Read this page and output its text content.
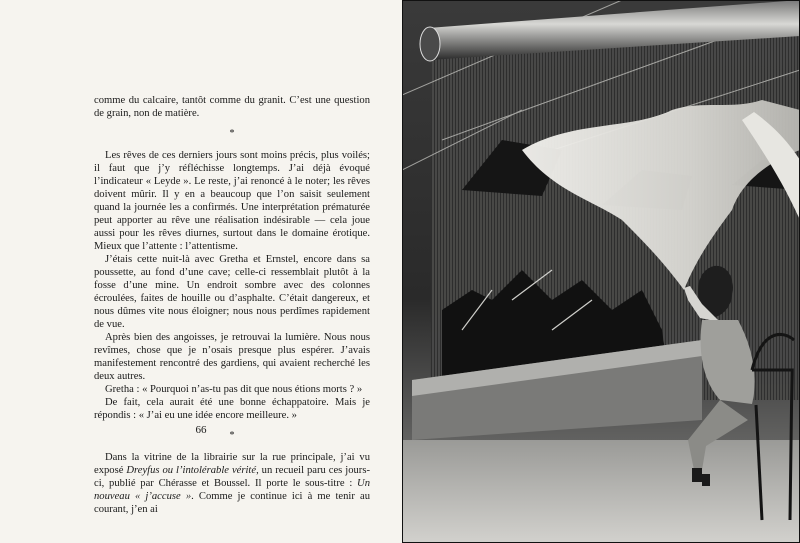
comme du calcaire, tantôt comme du granit. C’est une question de grain, non de matière.

*

Les rêves de ces derniers jours sont moins précis, plus voilés; il faut que j’y réfléchisse longtemps. J’ai déjà évoqué l’indicateur « Leyde ». Le reste, j’ai renoncé à le noter; les rêves doivent mûrir. Il y en a beaucoup que l’on saisit seulement quand la journée les a confirmés. Une interprétation prématurée peut apporter au rêve une réalisation indésirable — cela joue aussi pour les rêves diurnes, surtout dans le domaine érotique. Mieux que l’attente : l’attentisme.

J’étais cette nuit-là avec Gretha et Ernstel, encore dans sa poussette, au fond d’une cave; celle-ci ressemblait plutôt à la fosse d’une mine. Un endroit sombre avec des colonnes écroulées, faites de houille ou d’asphalte. C’était dangereux, et nous dûmes vite nous éloigner; nous nous perdîmes rapidement de vue.

Après bien des angoisses, je retrouvai la lumière. Nous nous revîmes, chose que je n’osais presque plus espérer. J’avais manifestement rencontré des gardiens, qui avaient recherché les deux autres.

Gretha : « Pourquoi n’as-tu pas dit que nous étions morts ? »

De fait, cela aurait été une bonne échappatoire. Mais je répondis : « J’ai eu une idée encore meilleure. »

*

Dans la vitrine de la librairie sur la rue principale, j’ai vu exposé Dreyfus ou l’intolérable vérité, un recueil paru ces jours-ci, publié par Chérasse et Boussel. Il porte le sous-titre : Un nouveau « j’accuse ». Comme je continue ici à me tenir au courant, j’en ai

66
